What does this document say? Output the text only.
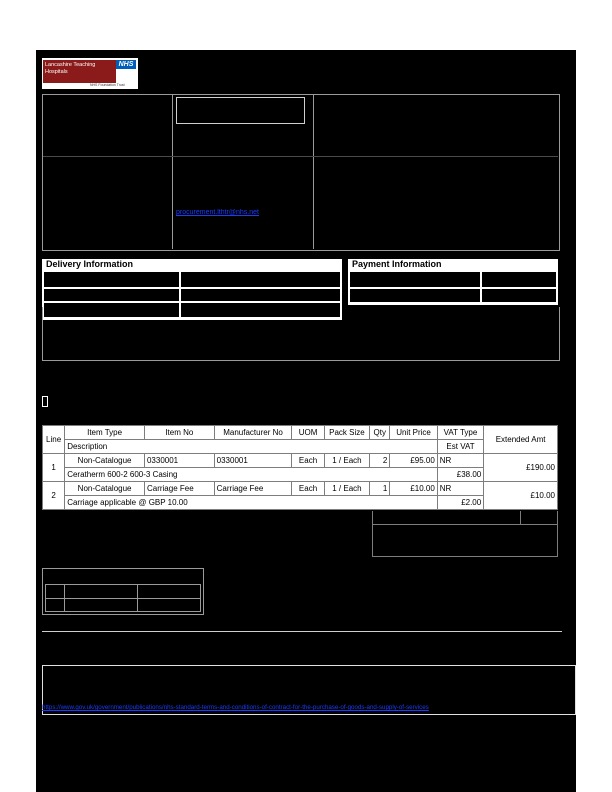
Lancashire Teaching
Hospitals
NHS
NHS Foundation Trust
procurement.lthtr@nhs.net
Delivery Information	Payment Information
Line	Item Type	Item No	Manufacturer No	UOM	Pack Size	Qty	Unit Price	VAT Type	Extended Amt
	Description							Est VAT	
1	Non-Catalogue	0330001	0330001	Each	1 / Each	2	£95.00	NR	£190.00
	Ceratherm 600-2 600-3 Casing							£38.00	
2	Non-Catalogue	Carriage Fee	Carriage Fee	Each	1 / Each	1	£10.00	NR	£10.00
	Carriage applicable @ GBP 10.00							£2.00	
https://www.gov.uk/government/publications/nhs-standard-terms-and-conditions-of-contract-for-the-purchase-of-goods-and-supply-of-services
